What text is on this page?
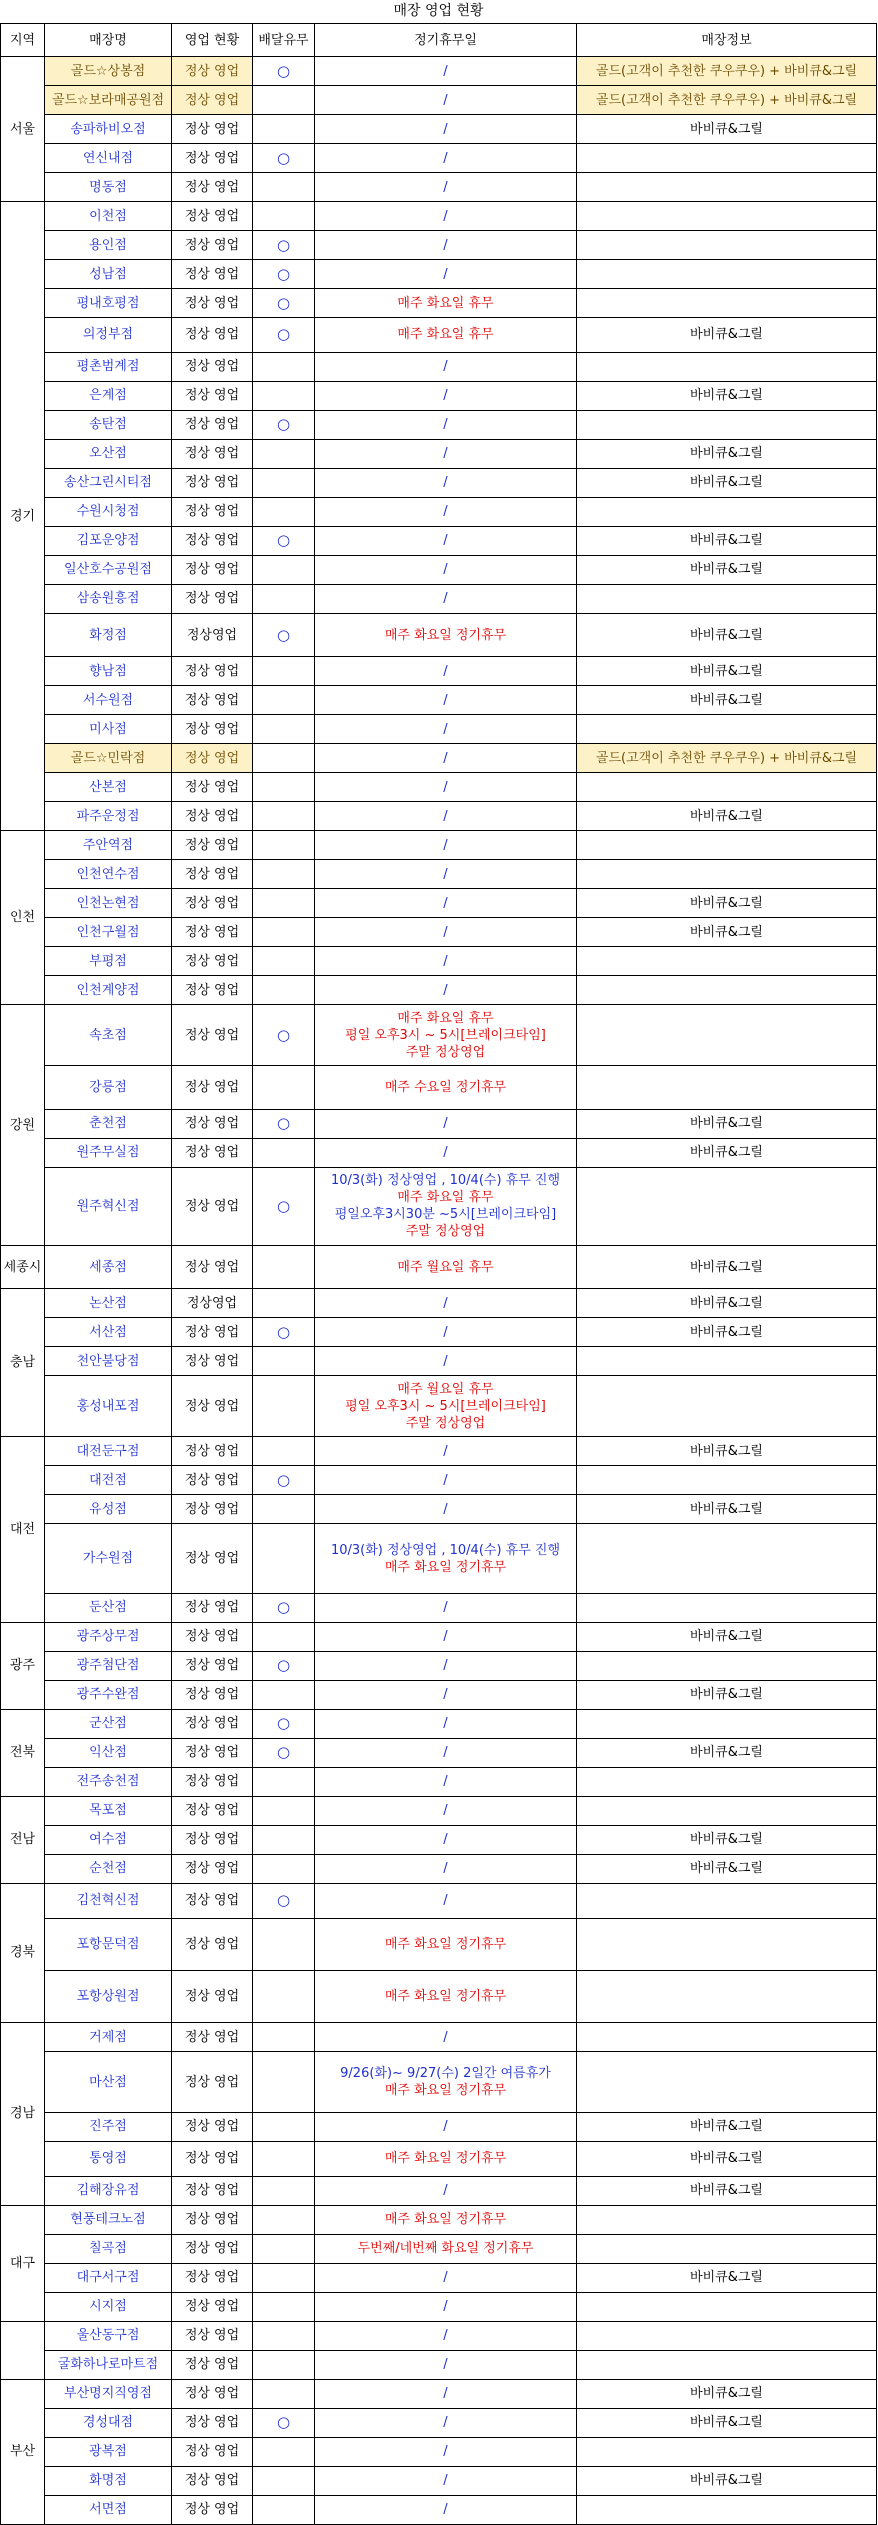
매장 영업 현황					
지역	매장명	영업 현황	배달유무	정기휴무일	매장정보
서울	골드☆상봉점	정상 영업	○	/	골드(고객이 추천한 쿠우쿠우) + 바비큐&그릴
	골드☆보라매공원점	정상 영업		/	골드(고객이 추천한 쿠우쿠우) + 바비큐&그릴
	송파하비오점	정상 영업		/	바비큐&그릴
	연신내점	정상 영업	○	/	

	명동점	정상 영업		/	

경기	이천점	정상 영업		/	

	용인점	정상 영업	○	/	

	성남점	정상 영업	○	/	

	평내호평점	정상 영업	○	매주 화요일 휴무	

	의정부점	정상 영업	○	매주 화요일 휴무	바비큐&그릴
	평촌범계점	정상 영업		/	

	은계점	정상 영업		/	바비큐&그릴
	송탄점	정상 영업	○	/	

	오산점	정상 영업		/	바비큐&그릴
	송산그린시티점	정상 영업		/	바비큐&그릴
	수원시청점	정상 영업		/	

	김포운양점	정상 영업	○	/	바비큐&그릴
	일산호수공원점	정상 영업		/	바비큐&그릴
	삼송원흥점	정상 영업		/	

	화정점	정상영업	○	매주 화요일 정기휴무	바비큐&그릴
	향남점	정상 영업		/	바비큐&그릴
	서수원점	정상 영업		/	바비큐&그릴
	미사점	정상 영업		/	

	골드☆민락점	정상 영업		/	골드(고객이 추천한 쿠우쿠우) + 바비큐&그릴
	산본점	정상 영업		/	

	파주운정점	정상 영업		/	바비큐&그릴
인천	주안역점	정상 영업		/	

	인천연수점	정상 영업		/	

	인천논현점	정상 영업		/	바비큐&그릴
	인천구월점	정상 영업		/	바비큐&그릴
	부평점	정상 영업		/	

	인천계양점	정상 영업		/	

강원	속초점	정상 영업	○	매주 화요일 휴무
평일 오후3시 ~ 5시[브레이크타임]
주말 정상영업	

	강릉점	정상 영업		매주 수요일 정기휴무	

	춘천점	정상 영업	○	/	바비큐&그릴
	원주무실점	정상 영업		/	바비큐&그릴
	원주혁신점	정상 영업	○	10/3(화) 정상영업 , 10/4(수) 휴무 진행
매주 화요일 휴무
평일오후3시30분 ~5시[브레이크타임]
주말 정상영업	

세종시	세종점	정상 영업		매주 월요일 휴무	바비큐&그릴
충남	논산점	정상영업		/	바비큐&그릴
	서산점	정상 영업	○	/	바비큐&그릴
	천안불당점	정상 영업		/	

	홍성내포점	정상 영업		매주 월요일 휴무
평일 오후3시 ~ 5시[브레이크타임]
주말 정상영업	

대전	대전둔구점	정상 영업		/	바비큐&그릴
	대전점	정상 영업	○	/	

	유성점	정상 영업		/	바비큐&그릴
	가수원점	정상 영업		10/3(화) 정상영업 , 10/4(수) 휴무 진행
매주 화요일 정기휴무	

	둔산점	정상 영업	○	/	

광주	광주상무점	정상 영업		/	바비큐&그릴
	광주첨단점	정상 영업	○	/	

	광주수완점	정상 영업		/	바비큐&그릴
전북	군산점	정상 영업	○	/	

	익산점	정상 영업	○	/	바비큐&그릴
	전주송천점	정상 영업		/	

전남	목포점	정상 영업		/	

	여수점	정상 영업		/	바비큐&그릴
	순천점	정상 영업		/	바비큐&그릴
경북	김천혁신점	정상 영업	○	/	

	포항문덕점	정상 영업		매주 화요일 정기휴무	

	포항상원점	정상 영업		매주 화요일 정기휴무	

경남	거제점	정상 영업		/	

	마산점	정상 영업		9/26(화)~ 9/27(수) 2일간 여름휴가
매주 화요일 정기휴무	

	진주점	정상 영업		/	바비큐&그릴
	통영점	정상 영업		매주 화요일 정기휴무	바비큐&그릴
	김해장유점	정상 영업		/	바비큐&그릴
대구	현풍테크노점	정상 영업		매주 화요일 정기휴무	

	칠곡점	정상 영업		두번째/네번째 화요일 정기휴무	

	대구서구점	정상 영업		/	바비큐&그릴
	시지점	정상 영업		/	

	울산동구점	정상 영업		/	

	굴화하나로마트점	정상 영업		/	

부산	부산명지직영점	정상 영업		/	바비큐&그릴
	경성대점	정상 영업	○	/	바비큐&그릴
	광복점	정상 영업		/	

	화명점	정상 영업		/	바비큐&그릴
	서면점	정상 영업		/	
